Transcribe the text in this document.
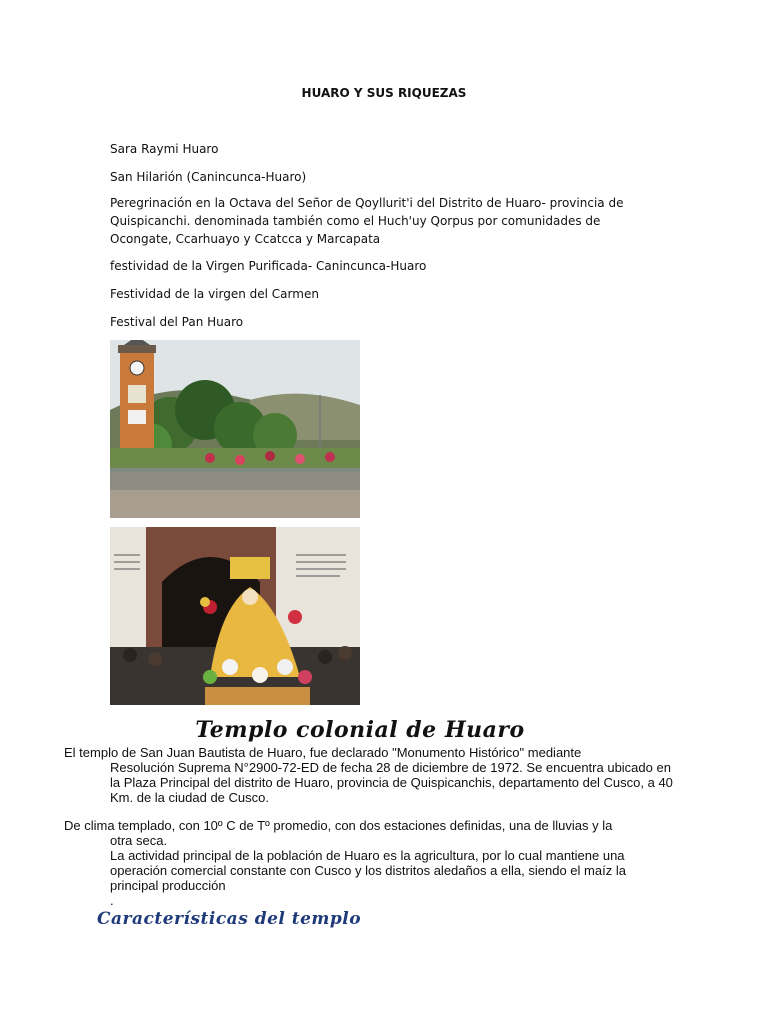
HUARO Y SUS RIQUEZAS
Sara Raymi Huaro
San Hilarión (Canincunca-Huaro)
Peregrinación en la Octava del Señor de Qoyllurit'i del Distrito de Huaro- provincia de Quispicanchi. denominada también como el Huch'uy Qorpus por comunidades de Ocongate, Ccarhuayo y Ccatcca y Marcapata
festividad de la Virgen Purificada- Canincunca-Huaro
Festividad de la virgen del Carmen
Festival del Pan Huaro
Templo colonial de Huaro
El templo de San Juan Bautista de Huaro, fue declarado "Monumento Histórico" mediante
Resolución Suprema N°2900-72-ED de fecha 28 de diciembre de 1972. Se encuentra ubicado en la Plaza Principal del distrito de Huaro, provincia de Quispicanchis, departamento del Cusco, a 40 Km. de la ciudad de Cusco.
De clima templado, con 10º C de Tº promedio, con dos estaciones definidas, una de lluvias y la
otra seca.
La actividad principal de la población de Huaro es la agricultura, por lo cual mantiene una operación comercial constante con Cusco y los distritos aledaños a ella, siendo el maíz la principal producción
.
Características del templo
